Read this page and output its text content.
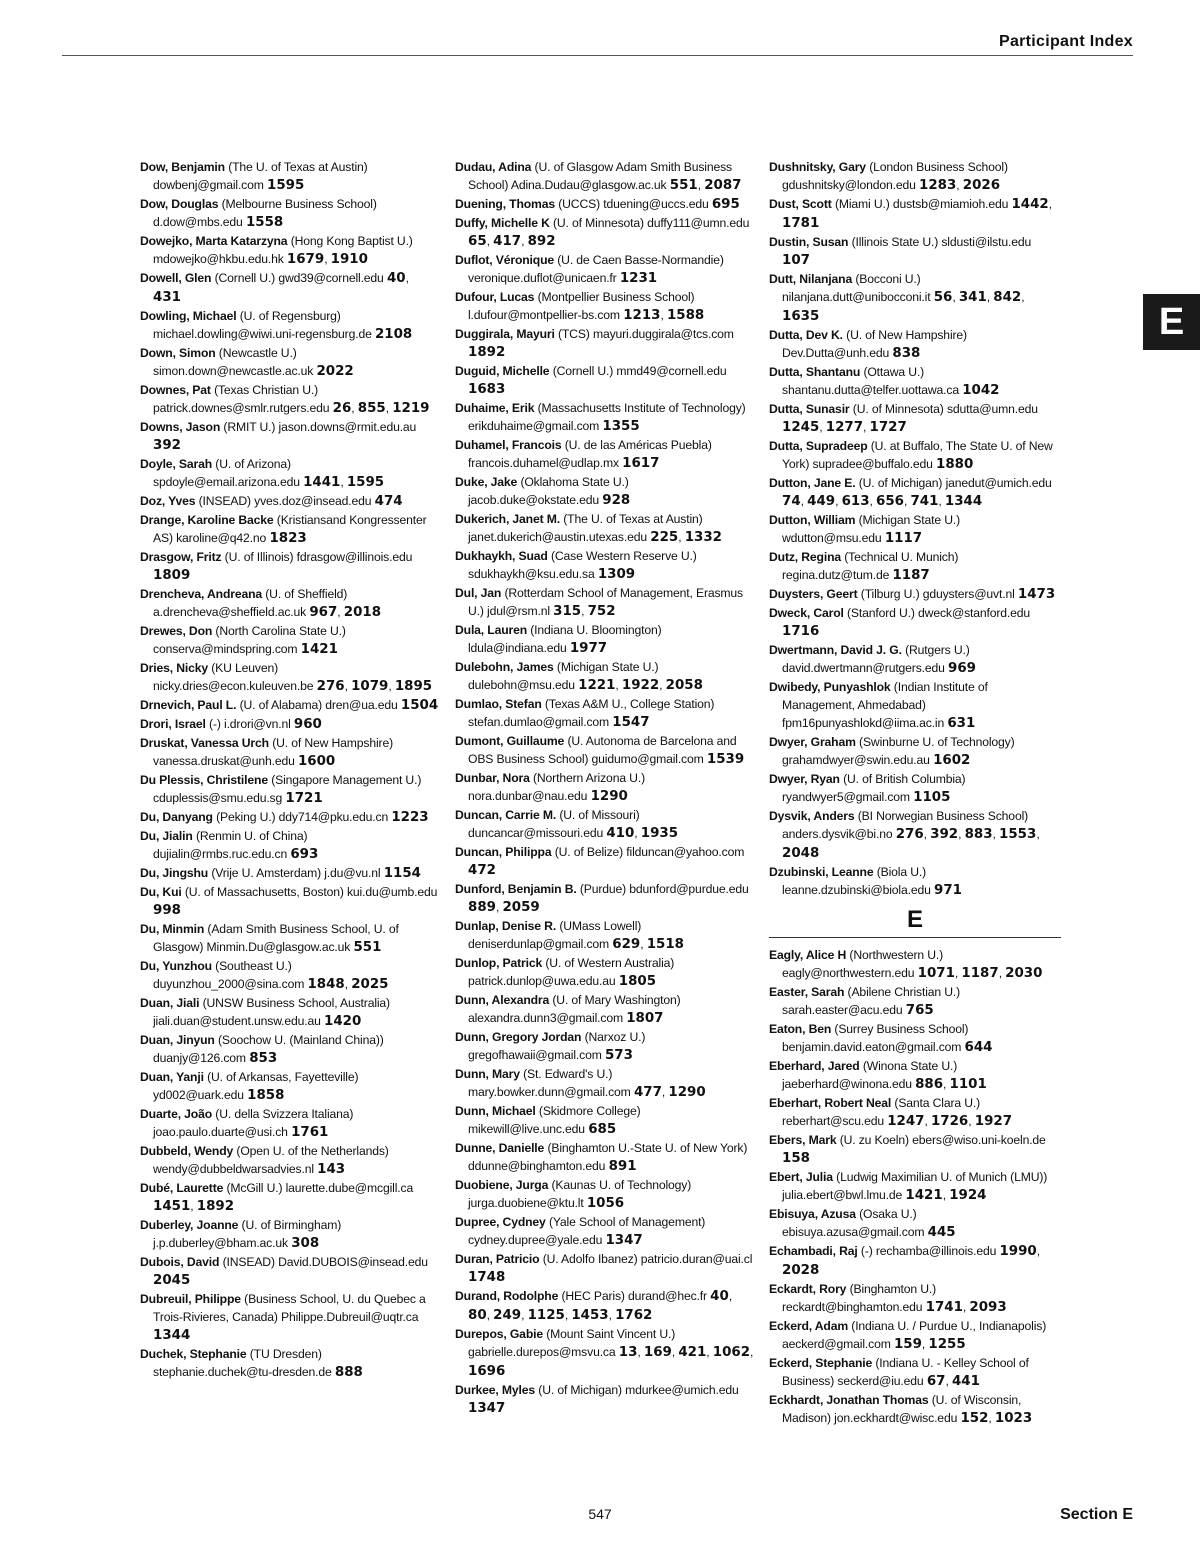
Participant Index
E
Dow, Benjamin (The U. of Texas at Austin) dowbenj@gmail.com 1595
Dow, Douglas (Melbourne Business School) d.dow@mbs.edu 1558
Dowejko, Marta Katarzyna (Hong Kong Baptist U.) mdowejko@hkbu.edu.hk 1679, 1910
Dowell, Glen (Cornell U.) gwd39@cornell.edu 40, 431
Dowling, Michael (U. of Regensburg) michael.dowling@wiwi.uni-regensburg.de 2108
Down, Simon (Newcastle U.) simon.down@newcastle.ac.uk 2022
Downes, Pat (Texas Christian U.) patrick.downes@smlr.rutgers.edu 26, 855, 1219
Downs, Jason (RMIT U.) jason.downs@rmit.edu.au 392
Doyle, Sarah (U. of Arizona) spdoyle@email.arizona.edu 1441, 1595
Doz, Yves (INSEAD) yves.doz@insead.edu 474
Drange, Karoline Backe (Kristiansand Kongressenter AS) karoline@q42.no 1823
Drasgow, Fritz (U. of Illinois) fdrasgow@illinois.edu 1809
Drencheva, Andreana (U. of Sheffield) a.drencheva@sheffield.ac.uk 967, 2018
Drewes, Don (North Carolina State U.) conserva@mindspring.com 1421
Dries, Nicky (KU Leuven) nicky.dries@econ.kuleuven.be 276, 1079, 1895
Drnevich, Paul L. (U. of Alabama) dren@ua.edu 1504
Drori, Israel (-) i.drori@vn.nl 960
Druskat, Vanessa Urch (U. of New Hampshire) vanessa.druskat@unh.edu 1600
Du Plessis, Christilene (Singapore Management U.) cduplessis@smu.edu.sg 1721
Du, Danyang (Peking U.) ddy714@pku.edu.cn 1223
Du, Jialin (Renmin U. of China) dujialin@rmbs.ruc.edu.cn 693
Du, Jingshu (Vrije U. Amsterdam) j.du@vu.nl 1154
Du, Kui (U. of Massachusetts, Boston) kui.du@umb.edu 998
Du, Minmin (Adam Smith Business School, U. of Glasgow) Minmin.Du@glasgow.ac.uk 551
Du, Yunzhou (Southeast U.) duyunzhou_2000@sina.com 1848, 2025
Duan, Jiali (UNSW Business School, Australia) jiali.duan@student.unsw.edu.au 1420
Duan, Jinyun (Soochow U. (Mainland China)) duanjy@126.com 853
Duan, Yanji (U. of Arkansas, Fayetteville) yd002@uark.edu 1858
Duarte, João (U. della Svizzera Italiana) joao.paulo.duarte@usi.ch 1761
Dubbeld, Wendy (Open U. of the Netherlands) wendy@dubbeldwarsadvies.nl 143
Dubé, Laurette (McGill U.) laurette.dube@mcgill.ca 1451, 1892
Duberley, Joanne (U. of Birmingham) j.p.duberley@bham.ac.uk 308
Dubois, David (INSEAD) David.DUBOIS@insead.edu 2045
Dubreuil, Philippe (Business School, U. du Quebec a Trois-Rivieres, Canada) Philippe.Dubreuil@uqtr.ca 1344
Duchek, Stephanie (TU Dresden) stephanie.duchek@tu-dresden.de 888
Dudau, Adina (U. of Glasgow Adam Smith Business School) Adina.Dudau@glasgow.ac.uk 551, 2087
Duening, Thomas (UCCS) tduening@uccs.edu 695
Duffy, Michelle K (U. of Minnesota) duffy111@umn.edu 65, 417, 892
Duflot, Véronique (U. de Caen Basse-Normandie) veronique.duflot@unicaen.fr 1231
Dufour, Lucas (Montpellier Business School) l.dufour@montpellier-bs.com 1213, 1588
Duggirala, Mayuri (TCS) mayuri.duggirala@tcs.com 1892
Duguid, Michelle (Cornell U.) mmd49@cornell.edu 1683
Duhaime, Erik (Massachusetts Institute of Technology) erikduhaime@gmail.com 1355
Duhamel, Francois (U. de las Américas Puebla) francois.duhamel@udlap.mx 1617
Duke, Jake (Oklahoma State U.) jacob.duke@okstate.edu 928
Dukerich, Janet M. (The U. of Texas at Austin) janet.dukerich@austin.utexas.edu 225, 1332
Dukhaykh, Suad (Case Western Reserve U.) sdukhaykh@ksu.edu.sa 1309
Dul, Jan (Rotterdam School of Management, Erasmus U.) jdul@rsm.nl 315, 752
Dula, Lauren (Indiana U. Bloomington) ldula@indiana.edu 1977
Dulebohn, James (Michigan State U.) dulebohn@msu.edu 1221, 1922, 2058
Dumlao, Stefan (Texas A&M U., College Station) stefan.dumlao@gmail.com 1547
Dumont, Guillaume (U. Autonoma de Barcelona and OBS Business School) guidumo@gmail.com 1539
Dunbar, Nora (Northern Arizona U.) nora.dunbar@nau.edu 1290
Duncan, Carrie M. (U. of Missouri) duncancar@missouri.edu 410, 1935
Duncan, Philippa (U. of Belize) filduncan@yahoo.com 472
Dunford, Benjamin B. (Purdue) bdunford@purdue.edu 889, 2059
Dunlap, Denise R. (UMass Lowell) deniserdunlap@gmail.com 629, 1518
Dunlop, Patrick (U. of Western Australia) patrick.dunlop@uwa.edu.au 1805
Dunn, Alexandra (U. of Mary Washington) alexandra.dunn3@gmail.com 1807
Dunn, Gregory Jordan (Narxoz U.) gregofhawaii@gmail.com 573
Dunn, Mary (St. Edward's U.) mary.bowker.dunn@gmail.com 477, 1290
Dunn, Michael (Skidmore College) mikewill@live.unc.edu 685
Dunne, Danielle (Binghamton U.-State U. of New York) ddunne@binghamton.edu 891
Duobiene, Jurga (Kaunas U. of Technology) jurga.duobiene@ktu.lt 1056
Dupree, Cydney (Yale School of Management) cydney.dupree@yale.edu 1347
Duran, Patricio (U. Adolfo Ibanez) patricio.duran@uai.cl 1748
Durand, Rodolphe (HEC Paris) durand@hec.fr 40, 80, 249, 1125, 1453, 1762
Durepos, Gabie (Mount Saint Vincent U.) gabrielle.durepos@msvu.ca 13, 169, 421, 1062, 1696
Durkee, Myles (U. of Michigan) mdurkee@umich.edu 1347
Dushnitsky, Gary (London Business School) gdushnitsky@london.edu 1283, 2026
Dust, Scott (Miami U.) dustsb@miamioh.edu 1442, 1781
Dustin, Susan (Illinois State U.) sldusti@ilstu.edu 107
Dutt, Nilanjana (Bocconi U.) nilanjana.dutt@unibocconi.it 56, 341, 842, 1635
Dutta, Dev K. (U. of New Hampshire) Dev.Dutta@unh.edu 838
Dutta, Shantanu (Ottawa U.) shantanu.dutta@telfer.uottawa.ca 1042
Dutta, Sunasir (U. of Minnesota) sdutta@umn.edu 1245, 1277, 1727
Dutta, Supradeep (U. at Buffalo, The State U. of New York) supradee@buffalo.edu 1880
Dutton, Jane E. (U. of Michigan) janedut@umich.edu 74, 449, 613, 656, 741, 1344
Dutton, William (Michigan State U.) wdutton@msu.edu 1117
Dutz, Regina (Technical U. Munich) regina.dutz@tum.de 1187
Duysters, Geert (Tilburg U.) gduysters@uvt.nl 1473
Dweck, Carol (Stanford U.) dweck@stanford.edu 1716
Dwertmann, David J. G. (Rutgers U.) david.dwertmann@rutgers.edu 969
Dwibedy, Punyashlok (Indian Institute of Management, Ahmedabad) fpm16punyashlokd@iima.ac.in 631
Dwyer, Graham (Swinburne U. of Technology) grahamdwyer@swin.edu.au 1602
Dwyer, Ryan (U. of British Columbia) ryandwyer5@gmail.com 1105
Dysvik, Anders (BI Norwegian Business School) anders.dysvik@bi.no 276, 392, 883, 1553, 2048
Dzubinski, Leanne (Biola U.) leanne.dzubinski@biola.edu 971
E
Eagly, Alice H (Northwestern U.) eagly@northwestern.edu 1071, 1187, 2030
Easter, Sarah (Abilene Christian U.) sarah.easter@acu.edu 765
Eaton, Ben (Surrey Business School) benjamin.david.eaton@gmail.com 644
Eberhard, Jared (Winona State U.) jaeberhard@winona.edu 886, 1101
Eberhart, Robert Neal (Santa Clara U.) reberhart@scu.edu 1247, 1726, 1927
Ebers, Mark (U. zu Koeln) ebers@wiso.uni-koeln.de 158
Ebert, Julia (Ludwig Maximilian U. of Munich (LMU)) julia.ebert@bwl.lmu.de 1421, 1924
Ebisuya, Azusa (Osaka U.) ebisuya.azusa@gmail.com 445
Echambadi, Raj (-) rechamba@illinois.edu 1990, 2028
Eckardt, Rory (Binghamton U.) reckardt@binghamton.edu 1741, 2093
Eckerd, Adam (Indiana U. / Purdue U., Indianapolis) aeckerd@gmail.com 159, 1255
Eckerd, Stephanie (Indiana U. - Kelley School of Business) seckerd@iu.edu 67, 441
Eckhardt, Jonathan Thomas (U. of Wisconsin, Madison) jon.eckhardt@wisc.edu 152, 1023
547	Section E
